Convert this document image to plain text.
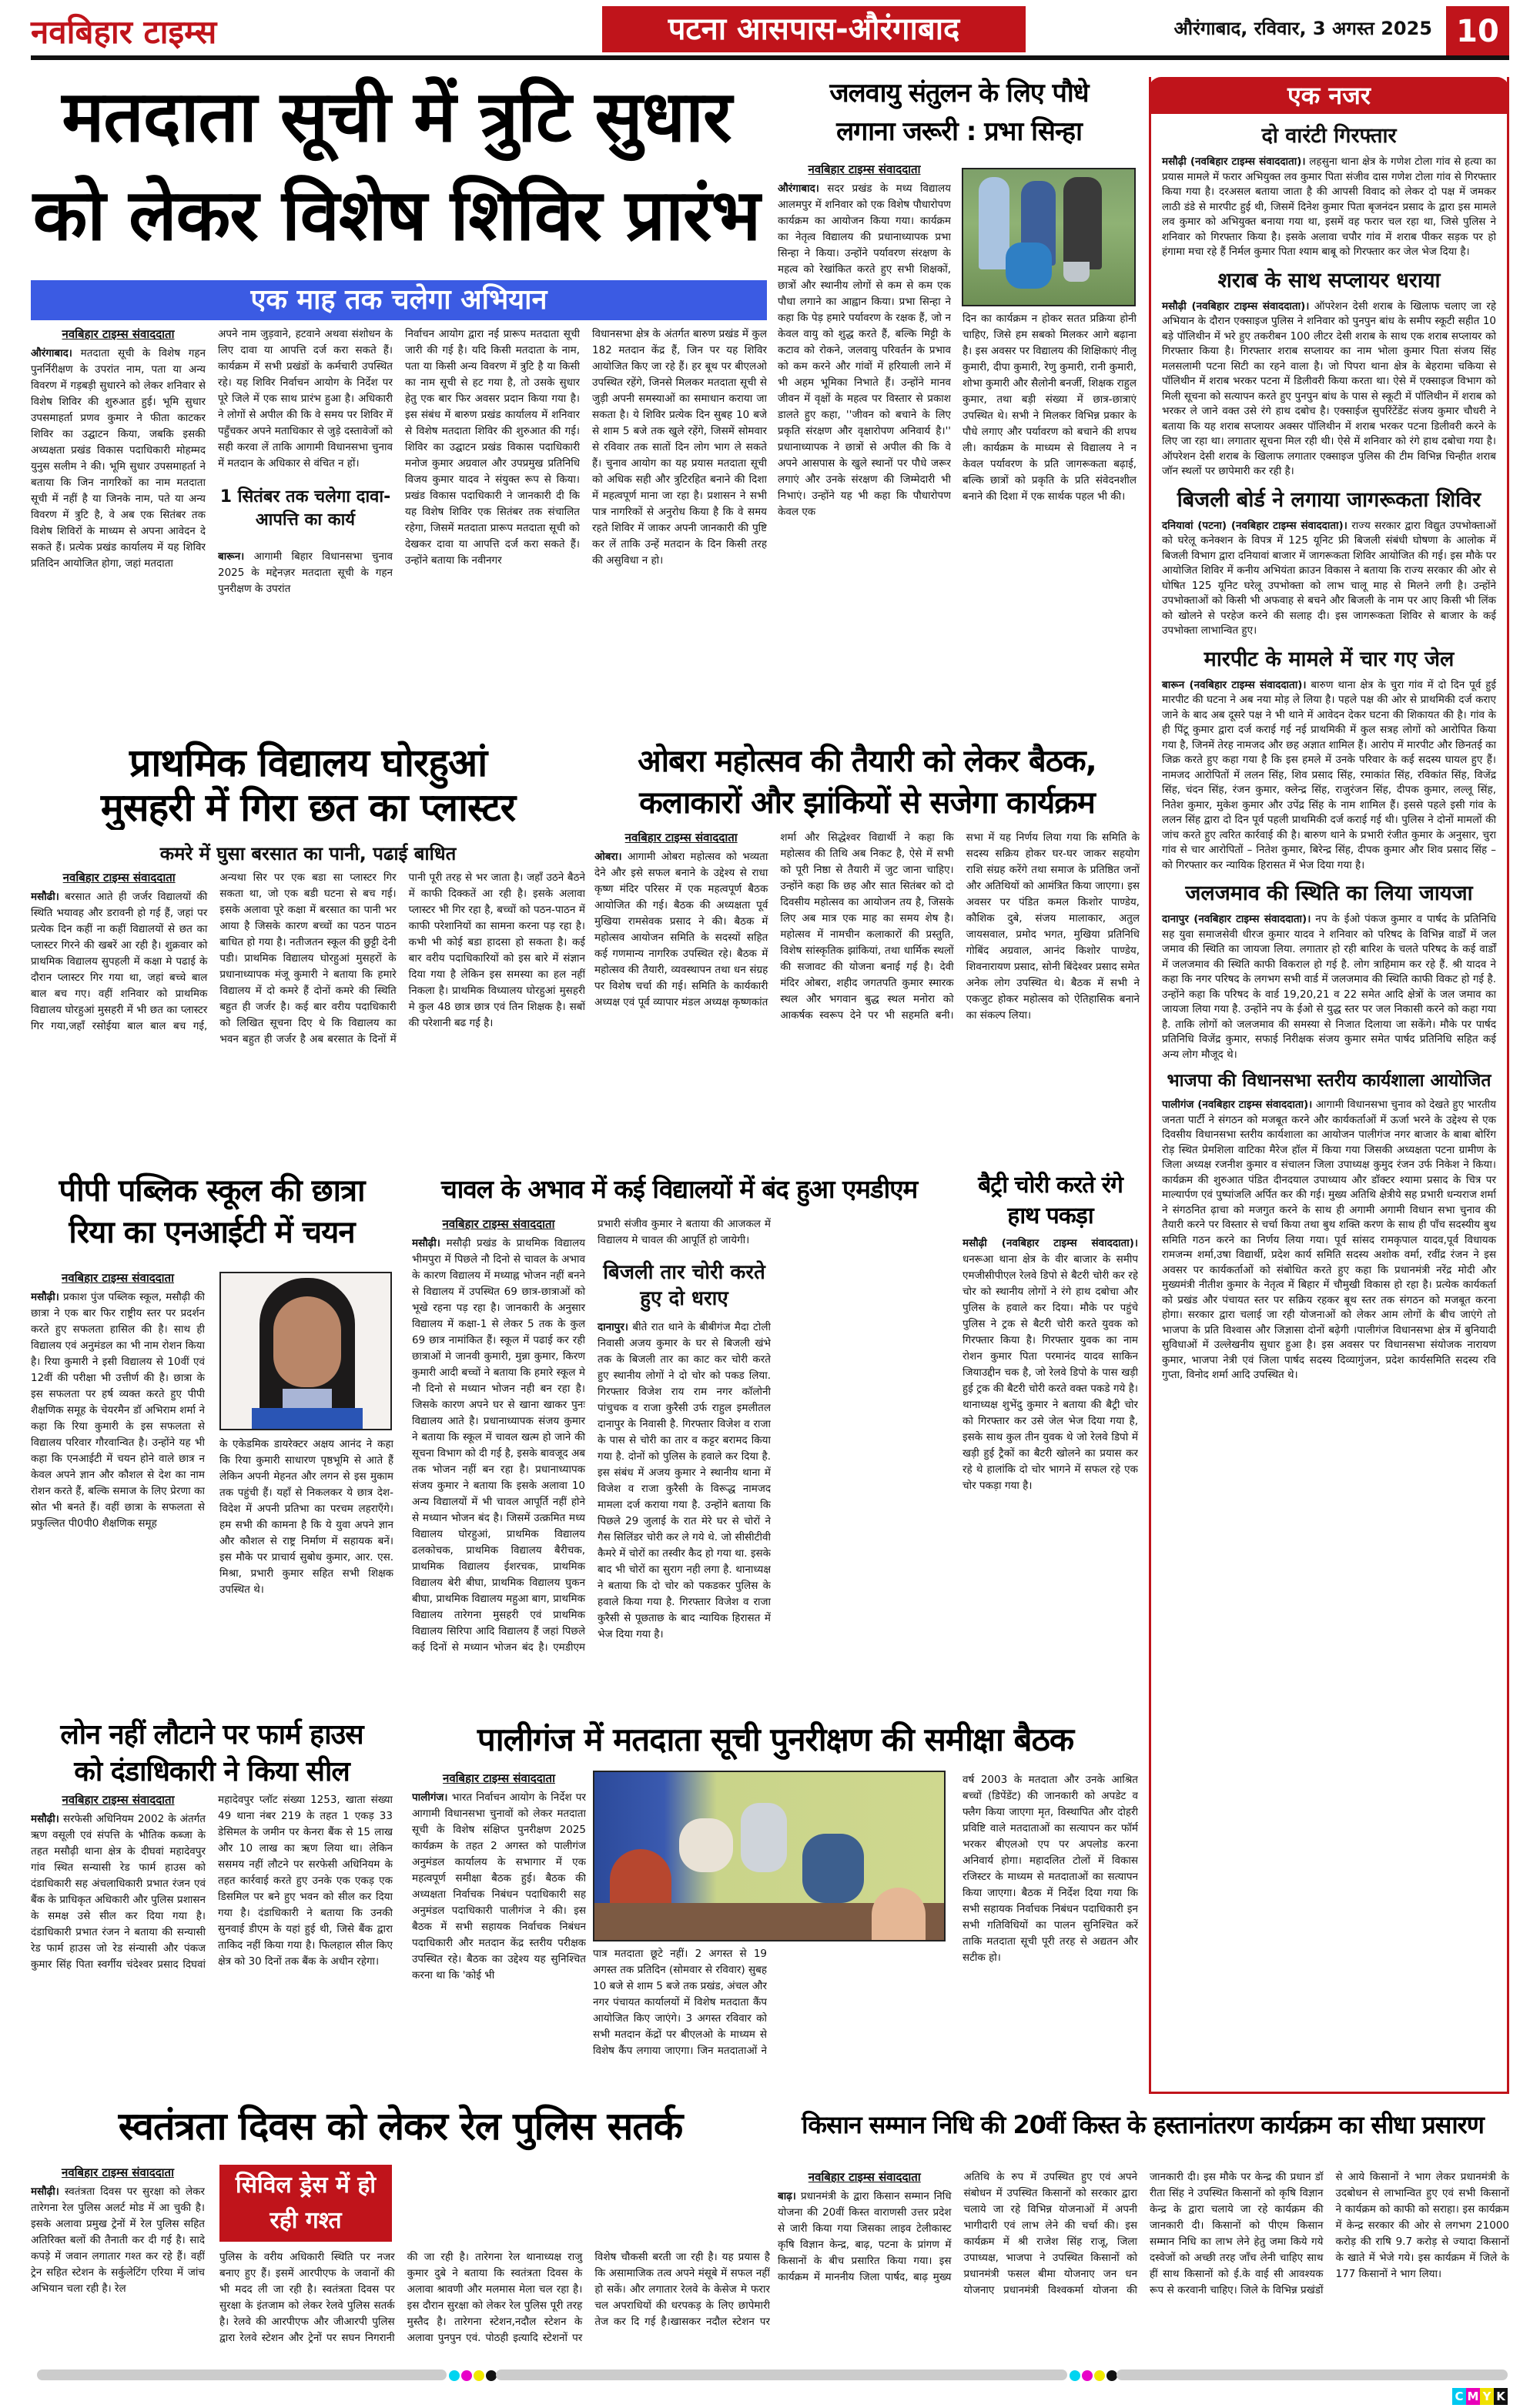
नवबिहार टाइम्स	पटना आसपास-औरंगाबाद	औरंगाबाद, रविवार, 3 अगस्त 2025 10
मतदाता सूची में त्रुटि सुधार
को लेकर विशेष शिविर प्रारंभ
एक माह तक चलेगा अभियान
नवबिहार टाइम्स संवाददाता
औरंगाबाद। मतदाता सूची के विशेष गहन पुनर्निरीक्षण के उपरांत नाम, पता या अन्य विवरण में गड़बड़ी सुधारने को लेकर शनिवार से विशेष शिविर की शुरुआत हुई। भूमि सुधार उपसमाहर्ता प्रणव कुमार ने फीता काटकर शिविर का उद्घाटन किया, जबकि इसकी अध्यक्षता प्रखंड विकास पदाधिकारी मोहम्मद युनुस सलीम ने की। भूमि सुधार उपसमाहर्ता ने बताया कि जिन नागरिकों का नाम मतदाता सूची में नहीं है या जिनके नाम, पते या अन्य विवरण में त्रुटि है, वे अब एक सितंबर तक विशेष शिविरों के माध्यम से अपना आवेदन दे सकते हैं। प्रत्येक प्रखंड कार्यालय में यह शिविर प्रतिदिन आयोजित होगा, जहां मतदाता
अपने नाम जुड़वाने, हटवाने अथवा संशोधन के लिए दावा या आपत्ति दर्ज करा सकते हैं। कार्यक्रम में सभी प्रखंडों के कर्मचारी उपस्थित रहे। यह शिविर निर्वाचन आयोग के निर्देश पर पूरे जिले में एक साथ प्रारंभ हुआ है। अधिकारी ने लोगों से अपील की कि वे समय पर शिविर में पहुँचकर अपने मताधिकार से जुड़े दस्तावेजों को सही करवा लें ताकि आगामी विधानसभा चुनाव में मतदान के अधिकार से वंचित न हों।
1 सितंबर तक चलेगा दावा-आपत्ति का कार्य
बारून। आगामी बिहार विधानसभा चुनाव 2025 के मद्देनज़र मतदाता सूची के गहन पुनरीक्षण के उपरांत
निर्वाचन आयोग द्वारा नई प्रारूप मतदाता सूची जारी की गई है। यदि किसी मतदाता के नाम, पता या किसी अन्य विवरण में त्रुटि है या किसी का नाम सूची से हट गया है, तो उसके सुधार हेतु एक बार फिर अवसर प्रदान किया गया है। इस संबंध में बारुण प्रखंड कार्यालय में शनिवार से विशेष मतदाता शिविर की शुरुआत की गई। शिविर का उद्घाटन प्रखंड विकास पदाधिकारी मनोज कुमार अग्रवाल और उपप्रमुख प्रतिनिधि विजय कुमार यादव ने संयुक्त रूप से किया। प्रखंड विकास पदाधिकारी ने जानकारी दी कि यह विशेष शिविर एक सितंबर तक संचालित रहेगा, जिसमें मतदाता प्रारूप मतदाता सूची को देखकर दावा या आपत्ति दर्ज करा सकते हैं। उन्होंने बताया कि नवीनगर
विधानसभा क्षेत्र के अंतर्गत बारुण प्रखंड में कुल 182 मतदान केंद्र हैं, जिन पर यह शिविर आयोजित किए जा रहे हैं। हर बूथ पर बीएलओ उपस्थित रहेंगे, जिनसे मिलकर मतदाता सूची से जुड़ी अपनी समस्याओं का समाधान कराया जा सकता है। ये शिविर प्रत्येक दिन सुबह 10 बजे से शाम 5 बजे तक खुले रहेंगे, जिसमें सोमवार से रविवार तक सातों दिन लोग भाग ले सकते हैं। चुनाव आयोग का यह प्रयास मतदाता सूची को अधिक सही और त्रुटिरहित बनाने की दिशा में महत्वपूर्ण माना जा रहा है। प्रशासन ने सभी पात्र नागरिकों से अनुरोध किया है कि वे समय रहते शिविर में जाकर अपनी जानकारी की पुष्टि कर लें ताकि उन्हें मतदान के दिन किसी तरह की असुविधा न हो।
जलवायु संतुलन के लिए पौधे
लगाना जरूरी : प्रभा सिन्हा
नवबिहार टाइम्स संवाददाता
औरंगाबाद। सदर प्रखंड के मध्य विद्यालय आलमपुर में शनिवार को एक विशेष पौधारोपण कार्यक्रम का आयोजन किया गया। कार्यक्रम का नेतृत्व विद्यालय की प्रधानाध्यापक प्रभा सिन्हा ने किया। उन्होंने पर्यावरण संरक्षण के महत्व को रेखांकित करते हुए सभी शिक्षकों, छात्रों और स्थानीय लोगों से कम से कम एक पौधा लगाने का आह्वान किया। प्रभा सिन्हा ने कहा कि पेड़ हमारे पर्यावरण के रक्षक हैं, जो न केवल वायु को शुद्ध करते हैं, बल्कि मिट्टी के कटाव को रोकने, जलवायु परिवर्तन के प्रभाव को कम करने और गांवों में हरियाली लाने में भी अहम भूमिका निभाते हैं। उन्होंने मानव जीवन में वृक्षों के महत्व पर विस्तार से प्रकाश डालते हुए कहा, ''जीवन को बचाने के लिए प्रकृति संरक्षण और वृक्षारोपण अनिवार्य है।'' प्रधानाध्यापक ने छात्रों से अपील की कि वे अपने आसपास के खुले स्थानों पर पौधे जरूर लगाएं और उनके संरक्षण की जिम्मेदारी भी निभाएं। उन्होंने यह भी कहा कि पौधारोपण केवल एक
दिन का कार्यक्रम न होकर सतत प्रक्रिया होनी चाहिए, जिसे हम सबको मिलकर आगे बढ़ाना है। इस अवसर पर विद्यालय की शिक्षिकाएं नीलू कुमारी, दीपा कुमारी, रेणु कुमारी, रानी कुमारी, शोभा कुमारी और सैलोनी बनर्जी, शिक्षक राहुल कुमार, तथा बड़ी संख्या में छात्र-छात्राएं उपस्थित थे। सभी ने मिलकर विभिन्न प्रकार के पौधे लगाए और पर्यावरण को बचाने की शपथ ली। कार्यक्रम के माध्यम से विद्यालय ने न केवल पर्यावरण के प्रति जागरूकता बढ़ाई, बल्कि छात्रों को प्रकृति के प्रति संवेदनशील बनाने की दिशा में एक सार्थक पहल भी की।
एक नजर
दो वारंटी गिरफ्तार

मसौढ़ी (नवबिहार टाइम्स संवाददाता)। लहसुना थाना क्षेत्र के गणेश टोला गांव से हत्या का प्रयास मामले में फरार अभियुक्त लव कुमार पिता संजीव दास गणेश टोला गांव से गिरफ्तार किया गया है। दरअसल बताया जाता है की आपसी विवाद को लेकर दो पक्ष में जमकर लाठी डंडे से मारपीट हुई थी, जिसमें दिनेश कुमार पिता बृजनंदन प्रसाद के द्वारा इस मामले लव कुमार को अभियुक्त बनाया गया था, इसमें वह फरार चल रहा था, जिसे पुलिस ने शनिवार को गिरफ्तार किया है। इसके अलावा चपौर गांव में शराब पीकर सड़क पर हो हंगामा मचा रहे हैं निर्मल कुमार पिता श्याम बाबू को गिरफ्तार कर जेल भेज दिया है।

शराब के साथ सप्लायर धराया

मसौढ़ी (नवबिहार टाइम्स संवाददाता)। ऑपरेशन देसी शराब के खिलाफ चलाए जा रहे अभियान के दौरान एक्साइज पुलिस ने शनिवार को पुनपुन बांध के समीप स्कूटी सहीत 10 बड़े पॉलिथीन में भरे हुए तकरीबन 100 लीटर देसी शराब के साथ एक शराब सप्लायर को गिरफ्तार किया है। गिरफ्तार शराब सप्लायर का नाम भोला कुमार पिता संजय सिंह मलसलामी पटना सिटी का रहने वाला है। जो पिपरा थाना क्षेत्र के बेहरामा चकिया से पॉलिथीन में शराब भरकर पटना में डिलीवरी किया करता था। ऐसे में एक्साइज विभाग को मिली सूचना को सत्यापन करते हुए पुनपुन बांध के पास से स्कूटी में पॉलिथीन में शराब को भरकर ले जाने वक्त उसे रंगे हाथ दबोच है। एक्साईज सुपरिंटेंडेंट संजय कुमार चौधरी ने बताया कि यह शराब सप्लायर अक्सर पॉलिथीन में शराब भरकर पटना डिलीवरी करने के लिए जा रहा था। लगातार सूचना मिल रही थी। ऐसे में शनिवार को रंगे हाथ दबोचा गया है। ऑपरेशन देसी शराब के खिलाफ लगातार एक्साइज पुलिस की टीम विभिन्न चिन्हीत शराब जॉन स्थलों पर छापेमारी कर रही है।

बिजली बोर्ड ने लगाया जागरूकता शिविर

दनियावां (पटना) (नवबिहार टाइम्स संवाददाता)। राज्य सरकार द्वारा विद्युत उपभोक्ताओं को घरेलू कनेक्शन के विपत्र में 125 यूनिट फ्री बिजली संबंधी घोषणा के आलोक में बिजली विभाग द्वारा दनियावां बाजार में जागरूकता शिविर आयोजित की गई। इस मौके पर आयोजित शिविर में कनीय अभियंता क्राउन विकास ने बताया कि राज्य सरकार की ओर से घोषित 125 यूनिट घरेलू उपभोक्ता को लाभ चालू माह से मिलने लगी है। उन्होंने उपभोक्ताओं को किसी भी अफवाह से बचने और बिजली के नाम पर आए किसी भी लिंक को खोलने से परहेज करने की सलाह दी। इस जागरूकता शिविर से बाजार के कई उपभोक्ता लाभान्वित हुए।

मारपीट के मामले में चार गए जेल

बारून (नवबिहार टाइम्स संवाददाता)। बारुण थाना क्षेत्र के चुरा गांव में दो दिन पूर्व हुई मारपीट की घटना ने अब नया मोड़ ले लिया है। पहले पक्ष की ओर से प्राथमिकी दर्ज कराए जाने के बाद अब दूसरे पक्ष ने भी थाने में आवेदन देकर घटना की शिकायत की है। गांव के ही पिंटू कुमार द्वारा दर्ज कराई गई नई प्राथमिकी में कुल सत्रह लोगों को आरोपित किया गया है, जिनमें तेरह नामजद और छह अज्ञात शामिल हैं। आरोप में मारपीट और छिनतई का जिक्र करते हुए कहा गया है कि इस हमले में उनके परिवार के कई सदस्य घायल हुए हैं। नामजद आरोपितों में ललन सिंह, शिव प्रसाद सिंह, रमाकांत सिंह, रविकांत सिंह, विजेंद्र सिंह, चंदन सिंह, रंजन कुमार, क्लेन्द्र सिंह, राजुरंजन सिंह, दीपक कुमार, लल्लू सिंह, नितेश कुमार, मुकेश कुमार और उपेंद्र सिंह के नाम शामिल हैं। इससे पहले इसी गांव के ललन सिंह द्वारा दो दिन पूर्व पहली प्राथमिकी दर्ज कराई गई थी। पुलिस ने दोनों मामलों की जांच करते हुए त्वरित कार्रवाई की है। बारुण थाने के प्रभारी रंजीत कुमार के अनुसार, चुरा गांव से चार आरोपितों – नितेश कुमार, बिरेन्द्र सिंह, दीपक कुमार और शिव प्रसाद सिंह – को गिरफ्तार कर न्यायिक हिरासत में भेज दिया गया है।

जलजमाव की स्थिति का लिया जायजा

दानापुर (नवबिहार टाइम्स संवाददाता)। नप के ईओ पंकज कुमार व पार्षद के प्रतिनिधि सह युवा समाजसेवी धीरज कुमार यादव ने शनिवार को परिषद के विभिन्न वार्डों में जल जमाव की स्थिति का जायजा लिया. लगातार हो रही बारिश के चलते परिषद के कई वार्डों में जलजमाव की स्थिति काफी विकराल हो गई है. लोग त्राहिमाम कर रहे हैं. श्री यादव ने कहा कि नगर परिषद के लगभग सभी वार्ड में जलजमाव की स्थिति काफी विकट हो गई है. उन्होंने कहा कि परिषद के वार्ड 19,20,21 व 22 समेत आदि क्षेत्रों के जल जमाव का जायजा लिया गया है. उन्होंने नप के ईओ से युद्ध स्तर पर जल निकासी करने को कहा गया है. ताकि लोगों को जलजमाव की समस्या से निजात दिलाया जा सकेंगे। मौके पर पार्षद प्रतिनिधि विजेंद्र कुमार, सफाई निरीक्षक संजय कुमार समेत पार्षद प्रतिनिधि सहित कई अन्य लोग मौजूद थे।

भाजपा की विधानसभा स्तरीय कार्यशाला आयोजित

पालीगंज (नवबिहार टाइम्स संवाददाता)। आगामी विधानसभा चुनाव को देखते हुए भारतीय जनता पार्टी ने संगठन को मजबूत करने और कार्यकर्ताओं में ऊर्जा भरने के उद्देश्य से एक दिवसीय विधानसभा स्तरीय कार्यशाला का आयोजन पालीगंज नगर बाजार के बाबा बोरिंग रोड़ स्थित प्रेमशिला वाटिका मैरेज हॉल में किया गया जिसकी अध्यक्षता पटना ग्रामीण के जिला अध्यक्ष रजनीश कुमार व संचालन जिला उपाध्यक्ष कुमुद रंजन उर्फ निकेश ने किया। कार्यक्रम की शुरुआत पंडित दीनदयाल उपाध्याय और डॉक्टर श्यामा प्रसाद के चित्र पर माल्यार्पण एवं पुष्पांजलि अर्पित कर की गई। मुख्य अतिथि क्षेत्रीये सह प्रभारी धन्यराज शर्मा ने संगठनित ढ़ाचा को मजगुत करने के साथ ही अगामी अगामी विधान सभा चुनाव की तैयारी करने पर विस्तार से चर्चा किया तथा बुथ शक्ति करण के साथ ही पाँच सदस्यीय बुथ समिति गठन करने का निर्णय लिया गया। पूर्व सांसद रामकृपाल यादव,पूर्व विधायक रामजन्म शर्मा,उषा विद्यार्थी, प्रदेश कार्य समिति सदस्य अशोक वर्मा, रवींद्र रंजन ने इस अवसर पर कार्यकर्ताओं को संबोधित करते हुए कहा कि प्रधानमंत्री नरेंद्र मोदी और मुख्यमंत्री नीतीश कुमार के नेतृत्व में बिहार में चौमुखी विकास हो रहा है। प्रत्येक कार्यकर्ता को प्रखंड और पंचायत स्तर पर सक्रिय रहकर बूथ स्तर तक संगठन को मजबूत करना होगा। सरकार द्वारा चलाई जा रही योजनाओं को लेकर आम लोगों के बीच जाएंगे तो भाजपा के प्रति विश्वास और जिज्ञासा दोनों बढ़ेगी ।पालीगंज विधानसभा क्षेत्र में बुनियादी सुविधाओं में उल्लेखनीय सुधार हुआ है। इस अवसर पर विधानसभा संयोजक नारायण कुमार, भाजपा नेत्री एवं जिला पार्षद सदस्य दिव्यागुंजन, प्रदेश कार्यसमिति सदस्य रवि गुप्ता, विनोद शर्मा आदि उपस्थित थे।

प्राथमिक विद्यालय घोरहुआं
मुसहरी में गिरा छत का प्लास्टर
कमरे में घुसा बरसात का पानी, पढाई बाधित
नवबिहार टाइम्स संवाददाता
मसौढी। बरसात आते ही जर्जर विद्यालयों की स्थिति भयावह और डरावनी हो गई हैं, जहां पर प्रत्येक दिन कहीं ना कहीं विद्यालयों से छत का प्लास्टर गिरने की खबरें आ रही है। शुक्रवार को प्राथमिक विद्यालय सुपहली में कक्षा मे पढाई के दौरान प्लास्टर गिर गया था, जहां बच्चे बाल बाल बच गए। वहीं शनिवार को प्राथमिक विद्यालय घोरहुआं मुसहरी में भी छत का प्लास्टर गिर गया,जहाँ रसोईया बाल बाल बच गई, अन्यथा सिर पर एक बडा सा प्लास्टर गिर सकता था, जो एक बडी घटना से बच गई। इसके अलावा पूरे कक्षा में बरसात का पानी भर आया है जिसके कारण बच्चों का पठन पाठन बाधित हो गया है। नतीजतन स्कूल की छुट्टी देनी पडी। प्राथमिक विद्यालय घोरहुआं मुसहरों के प्रधानाध्यापक मंजू कुमारी ने बताया कि हमारे विद्यालय में दो कमरे हैं दोनों कमरे की स्थिति बहुत ही जर्जर है। कई बार वरीय पदाधिकारी को लिखित सूचना दिए थे कि विद्यालय का भवन बहुत ही जर्जर है अब बरसात के दिनों में पानी पूरी तरह से भर जाता है। जहाँ उठने बैठने में काफी दिक्कतें आ रही है। इसके अलावा प्लास्टर भी गिर रहा है, बच्चों को पठन-पाठन में काफी परेशानियों का सामना करना पड़ रहा है। कभी भी कोई बडा हादसा हो सकता है। कई बार वरीय पदाधिकारियों को इस बारे में संज्ञान दिया गया है लेकिन इस समस्या का हल नहीं निकला है। प्राथमिक विध्यालय घोरहुआं मुसहरी मे कुल 48 छात्र छात्र एवं तिन शिक्षक है। सबों की परेशानी बढ गई है।
ओबरा महोत्सव की तैयारी को लेकर बैठक,
कलाकारों और झांकियों से सजेगा कार्यक्रम
नवबिहार टाइम्स संवाददाता
ओबरा। आगामी ओबरा महोत्सव को भव्यता देने और इसे सफल बनाने के उद्देश्य से राधा कृष्ण मंदिर परिसर में एक महत्वपूर्ण बैठक आयोजित की गई। बैठक की अध्यक्षता पूर्व मुखिया रामसेवक प्रसाद ने की। बैठक में महोत्सव आयोजन समिति के सदस्यों सहित कई गणमान्य नागरिक उपस्थित रहे। बैठक में महोत्सव की तैयारी, व्यवस्थापन तथा धन संग्रह पर विशेष चर्चा की गई। समिति के कार्यकारी अध्यक्ष एवं पूर्व व्यापार मंडल अध्यक्ष कृष्णकांत शर्मा और सिद्धेश्वर विद्यार्थी ने कहा कि महोत्सव की तिथि अब निकट है, ऐसे में सभी को पूरी निष्ठा से तैयारी में जुट जाना चाहिए। उन्होंने कहा कि छह और सात सितंबर को दो दिवसीय महोत्सव का आयोजन तय है, जिसके लिए अब मात्र एक माह का समय शेष है। महोत्सव में नामचीन कलाकारों की प्रस्तुति, विशेष सांस्कृतिक झांकियां, तथा धार्मिक स्थलों की सजावट की योजना बनाई गई है। देवी मंदिर ओबरा, शहीद जगतपति कुमार स्मारक स्थल और भगवान बुद्ध स्थल मनोरा को आकर्षक स्वरूप देने पर भी सहमति बनी। सभा में यह निर्णय लिया गया कि समिति के सदस्य सक्रिय होकर घर-घर जाकर सहयोग राशि संग्रह करेंगे तथा समाज के प्रतिष्ठित जनों और अतिथियों को आमंत्रित किया जाएगा। इस अवसर पर पंडित कमल किशोर पाण्डेय, कौशिक दुबे, संजय मालाकार, अतुल जायसवाल, प्रमोद भगत, मुखिया प्रतिनिधि गोबिंद अग्रवाल, आनंद किशोर पाण्डेय, शिवनारायण प्रसाद, सोनी बिंदेश्वर प्रसाद समेत अनेक लोग उपस्थित थे। बैठक में सभी ने एकजुट होकर महोत्सव को ऐतिहासिक बनाने का संकल्प लिया।
पीपी पब्लिक स्कूल की छात्रा
रिया का एनआईटी में चयन
नवबिहार टाइम्स संवाददाता
मसौढ़ी। प्रकाश पुंज पब्लिक स्कूल, मसौढ़ी की छात्रा ने एक बार फिर राष्ट्रीय स्तर पर प्रदर्शन करते हुए सफलता हासिल की है। साथ ही विद्यालय एवं अनुमंडल का भी नाम रोशन किया है। रिया कुमारी ने इसी विद्यालय से 10वीं एवं 12वीं की परीक्षा भी उत्तीर्ण की है। छात्रा के इस सफलता पर हर्ष व्यक्त करते हुए पीपी शैक्षणिक समूह के चेयरमैन डॉ अभिराम शर्मा ने कहा कि रिया कुमारी के इस सफलता से विद्यालय परिवार गौरवान्वित है। उन्होंने यह भी कहा कि एनआईटी में चयन होने वाले छात्र न केवल अपने ज्ञान और कौशल से देश का नाम रोशन करते हैं, बल्कि समाज के लिए प्रेरणा का स्रोत भी बनते हैं। वहीं छात्रा के सफलता से प्रफुल्लित पी0पी0 शैक्षणिक समूह
के एकेडमिक डायरेक्टर अक्षय आनंद ने कहा कि रिया कुमारी साधारण पृष्ठभूमि से आते हैं लेकिन अपनी मेहनत और लगन से इस मुकाम तक पहुंची हैं। यहाँ से निकलकर ये छात्र देश-विदेश में अपनी प्रतिभा का परचम लहराएँगे। हम सभी की कामना है कि ये युवा अपने ज्ञान और कौशल से राष्ट्र निर्माण में सहायक बनें। इस मौके पर प्राचार्य सुबोध कुमार, आर. एस. मिश्रा, प्रभारी कुमार सहित सभी शिक्षक उपस्थित थे।
चावल के अभाव में कई विद्यालयों में बंद हुआ एमडीएम
नवबिहार टाइम्स संवाददाता
मसौढ़ी। मसौढ़ी प्रखंड के प्राथमिक विद्यालय भीमपुरा में पिछले नौ दिनो से चावल के अभाव के कारण विद्यालय में मध्याह्न भोजन नहीं बनने से विद्यालय में उपस्थित 69 छात्र-छात्राओं को भूखे रहना पड़ रहा है। जानकारी के अनुसार विद्यालय में कक्षा-1 से लेकर 5 तक के कुल 69 छात्र नामांकित हैं। स्कूल में पढाई कर रही छात्राओं मे जानवी कुमारी, मुन्ना कुमार, किरण कुमारी आदी बच्चों ने बताया कि हमारे स्कूल मे नौ दिनो से मध्यान भोजन नही बन रहा है। जिसके कारण अपने घर से खाना खाकर पुनः विद्यालय आते है। प्रधानाध्यापक संजय कुमार ने बताया कि स्कूल में चावल खत्म हो जाने की सूचना विभाग को दी गई है, इसके बावजूद अब तक भोजन नहीं बन रहा है। प्रधानाध्यापक संजय कुमार ने बताया कि इसके अलावा 10 अन्य विद्यालयों में भी चावल आपूर्ति नहीं होने से मध्यान भोजन बंद है। जिसमें उत्क्रमित मध्य विद्यालय घोरहुआं, प्राथमिक विद्यालय ढलकोचक, प्राथमिक विद्यालय बैरीचक, प्राथमिक विद्यालय ईशरचक, प्राथमिक विद्यालय बेरी बीघा, प्राथमिक विद्यालय घुकन बीघा, प्राथमिक विद्यालय महुआ बाग, प्राथमिक विद्यालय तारेगना मुसहरी एवं प्राथमिक विद्यालय सिरिपा आदि विद्यालय हैं जहां पिछले कई दिनों से मध्यान भोजन बंद है। एमडीएम प्रभारी संजीव कुमार ने बताया की आजकल में विद्यालय मे चावल की आपूर्ति हो जायेगी।
बिजली तार चोरी करते हुए दो धराए
दानापुर। बीते रात थाने के बीबीगंज मैदा टोली निवासी अजय कुमार के घर से बिजली खंभे तक के बिजली तार का काट कर चोरी करते हुए स्थानीय लोगों ने दो चोर को पकड लिया. गिरफ्तार विजेश राय राम नगर कॉलोनी पांचुचक व राजा कुरैसी उर्फ राहुल इमलीतल दानापुर के निवासी है. गिरफ्तार विजेश व राजा के पास से चोरी का तार व कट्टर बरामद किया गया है. दोनों को पुलिस के हवाले कर दिया है. इस संबंध में अजय कुमार ने स्थानीय थाना में विजेश व राजा कुरैसी के विरूद्ध नामजद मामला दर्ज कराया गया है. उन्होंने बताया कि पिछले 29 जुलाई के रात मेरे घर से चोरों ने गैस सिलिंडर चोरी कर ले गये थे. जो सीसीटीवी कैमरे में चोरों का तस्वीर कैद हो गया था. इसके बाद भी चोरों का सुराग नही लगा है. थानाध्यक्ष ने बताया कि दो चोर को पकडकर पुलिस के हवाले किया गया है. गिरफ्तार विजेश व राजा कुरैसी से पूछताछ के बाद न्यायिक हिरासत में भेज दिया गया है।
बैट्री चोरी करते रंगे हाथ पकड़ा
मसौढ़ी (नवबिहार टाइम्स संवाददाता)। धनरूआ थाना क्षेत्र के वीर बाजार के समीप एमजीसीपीएल रेलवे डिपो से बैटरी चोरी कर रहे चोर को स्थानीय लोगों ने रंगे हाथ दबोचा और पुलिस के हवाले कर दिया। मौके पर पहुंचे पुलिस ने ट्रक से बैटरी चोरी करते युवक को गिरफ्तार किया है। गिरफ्तार युवक का नाम रोशन कुमार पिता परमानंद यादव साकिन जियाउद्दीन चक है, जो रेलवे डिपो के पास खड़ी हुई ट्रक की बैटरी चोरी करते वक्त पकडे गये है। थानाध्यक्ष शुभेंदु कुमार ने बताया की बैट्री चोर को गिरफ्तार कर उसे जेल भेज दिया गया है, इसके साथ कुल तीन युवक थे जो रेलवे डिपो में खड़ी हुई ट्रैकों का बैटरी खोलने का प्रयास कर रहे थे हालांकि दो चोर भागने में सफल रहे एक चोर पकड़ा गया है।
लोन नहीं लौटाने पर फार्म हाउस
को दंडाधिकारी ने किया सील
नवबिहार टाइम्स संवाददाता
मसौढ़ी। सरफेसी अधिनियम 2002 के अंतर्गत ऋण वसूली एवं संपत्ति के भौतिक कब्जा के तहत मसौढ़ी थाना क्षेत्र के दीघवां महादेवपुर गांव स्थित सन्यासी रेड फार्म हाउस को दंडाधिकारी सह अंचलाधिकारी प्रभात रंजन एवं बैंक के प्राधिकृत अधिकारी और पुलिस प्रशासन के समक्ष उसे सील कर दिया गया है। दंडाधिकारी प्रभात रंजन ने बताया की सन्यासी रेड फार्म हाउस जो रेड संन्यासी और पंकज कुमार सिंह पिता स्वर्गीय चंदेश्वर प्रसाद दिघवां महादेवपुर प्लॉट संख्या 1253, खाता संख्या 49 थाना नंबर 219 के तहत 1 एकड़ 33 डेसिमल के जमीन पर केनरा बैंक से 15 लाख और 10 लाख का ऋण लिया था। लेकिन ससमय नहीं लौटने पर सरफेसी अधिनियम के तहत कार्रवाई करते हुए उनके एक एकड़ एक डिसमिल पर बने हुए भवन को सील कर दिया गया है। दंडाधिकारी ने बताया कि उनकी सुनवाई डीएम के यहां हुई थी, जिसे बैंक द्वारा ताकिद नहीं किया गया है। फिलहाल सील किए क्षेत्र को 30 दिनों तक बैंक के अधीन रहेगा।
पालीगंज में मतदाता सूची पुनरीक्षण की समीक्षा बैठक
नवबिहार टाइम्स संवाददाता
पालीगंज। भारत निर्वाचन आयोग के निर्देश पर आगामी विधानसभा चुनावों को लेकर मतदाता सूची के विशेष संक्षिप्त पुनरीक्षण 2025 कार्यक्रम के तहत 2 अगस्त को पालीगंज अनुमंडल कार्यालय के सभागार में एक महत्वपूर्ण समीक्षा बैठक हुई। बैठक की अध्यक्षता निर्वाचक निबंधन पदाधिकारी सह अनुमंडल पदाधिकारी पालीगंज ने की। इस बैठक में सभी सहायक निर्वाचक निबंधन पदाधिकारी और मतदान केंद्र स्तरीय परीक्षक उपस्थित रहे। बैठक का उद्देश्य यह सुनिश्चित करना था कि 'कोई भी
पात्र मतदाता छूटे नहीं। 2 अगस्त से 19 अगस्त तक प्रतिदिन (सोमवार से रविवार) सुबह 10 बजे से शाम 5 बजे तक प्रखंड, अंचल और नगर पंचायत कार्यालयों में विशेष मतदाता कैंप आयोजित किए जाएंगे। 3 अगस्त रविवार को सभी मतदान केंद्रों पर बीएलओ के माध्यम से विशेष कैंप लगाया जाएगा। जिन मतदाताओं ने
वर्ष 2003 के मतदाता और उनके आश्रित बच्चों (डिपेंडेंट) की जानकारी को अपडेट व फ्लैग किया जाएगा मृत, विस्थापित और दोहरी प्रविष्टि वाले मतदाताओं का सत्यापन कर फॉर्म भरकर बीएलओ एप पर अपलोड करना अनिवार्य होगा। महादलित टोलों में विकास रजिस्टर के माध्यम से मतदाताओं का सत्यापन किया जाएगा। बैठक में निर्देश दिया गया कि सभी सहायक निर्वाचक निबंधन पदाधिकारी इन सभी गतिविधियों का पालन सुनिश्चित करें ताकि मतदाता सूची पूरी तरह से अद्यतन और सटीक हो।
स्वतंत्रता दिवस को लेकर रेल पुलिस सतर्क
नवबिहार टाइम्स संवाददाता
मसौढ़ी। स्वतंत्रता दिवस पर सुरक्षा को लेकर तारेगना रेल पुलिस अलर्ट मोड में आ चुकी है। इसके अलावा प्रमुख ट्रेनों में रेल पुलिस सहित अतिरिक्त बलों की तैनाती कर दी गई है। सादे कपड़े में जवान लगातार गश्त कर रहे हैं। वहीं ट्रेन सहित स्टेशन के सर्कुलेटिंग एरिया में जांच अभियान चला रही है। रेल
सिविल ड्रेस में हो रही गश्त
पुलिस के वरीय अधिकारी स्थिति पर नजर बनाए हुए हैं। इसमें आरपीएफ के जवानों की भी मदद ली जा रही है। स्वतंत्रता दिवस पर सुरक्षा के इंतजाम को लेकर रेलवे पुलिस सतर्क है। रेलवे की आरपीएफ और जीआरपी पुलिस द्वारा रेलवे स्टेशन और ट्रेनों पर सघन निगरानी की जा रही है। तारेगना रेल थानाध्यक्ष राजु कुमार दुबे ने बताया कि स्वतंत्रता दिवस के अलावा श्रावणी और मलमास मेला चल रहा है। इस दौरान सुरक्षा को लेकर रेल पुलिस पूरी तरह मुस्तैद है। तारेगना स्टेशन,नदौल स्टेशन के अलावा पुनपुन एवं. पोठही इत्यादि स्टेशनों पर विशेष चौकसी बरती जा रही है। यह प्रयास है कि असामाजिक तत्व अपने मंसूबे में सफल नहीं हो सकें। और लगातार रेलवे के केसेज मे फरार चल अपराधियों की धरपकड़ के लिए छापेमारी तेज कर दि गई है।खासकर नदौल स्टेशन पर
किसान सम्मान निधि की 20वीं किस्त के हस्तानांतरण कार्यक्रम का सीधा प्रसारण
नवबिहार टाइम्स संवाददाता
बाढ़। प्रधानमंत्री के द्वारा किसान सम्मान निधि योजना की 20वीं किस्त वाराणसी उत्तर प्रदेश से जारी किया गया जिसका लाइव टेलीकास्ट कृषि विज्ञान केन्द्र, बाढ़, पटना के प्रांगण में किसानों के बीच प्रसारित किया गया। इस कार्यक्रम में माननीय जिला पार्षद, बाढ़ मुख्य अतिथि के रुप में उपस्थित हुए एवं अपने संबोधन में उपस्थित किसानों को सरकार द्वारा चलाये जा रहे विभिन्न योजनाओं में अपनी भागीदारी एवं लाभ लेने की चर्चा की। इस कार्यक्रम में श्री राजेश सिंह राजू, जिला उपाध्यक्ष, भाजपा ने उपस्थित किसानों को प्रधानमंत्री फसल बीमा योजनाए जन धन योजनाए प्रधानमंत्री विश्वकर्मा योजना की जानकारी दी। इस मौके पर केन्द्र की प्रधान डॉ रीता सिंह ने उपस्थित किसानों को कृषि विज्ञान केन्द्र के द्वारा चलाये जा रहे कार्यक्रम की जानकारी दी। किसानों को पीएम किसान सम्मान निधि का लाभ लेने हेतु जमा किये गये दस्वेजों को अच्छी तरह जाँच लेनी चाहिए साथ हीं साथ किसानों को ई.के वाई सी आवश्यक रूप से करवानी चाहिए। जिले के विभिन्न प्रखंडों से आये किसानों ने भाग लेकर प्रधानमंत्री के उदबोधन से लाभान्वित हुए एवं सभी किसानों ने कार्यक्रम को काफी को सराहा। इस कार्यक्रम में केन्द्र सरकार की ओर से लगभग 21000 करोड़ की राषि 9.7 करोड़ से ज्यादा किसानों के खाते में भेजे गये। इस कार्यक्रम में जिले के 177 किसानों ने भाग लिया।
C M Y K
